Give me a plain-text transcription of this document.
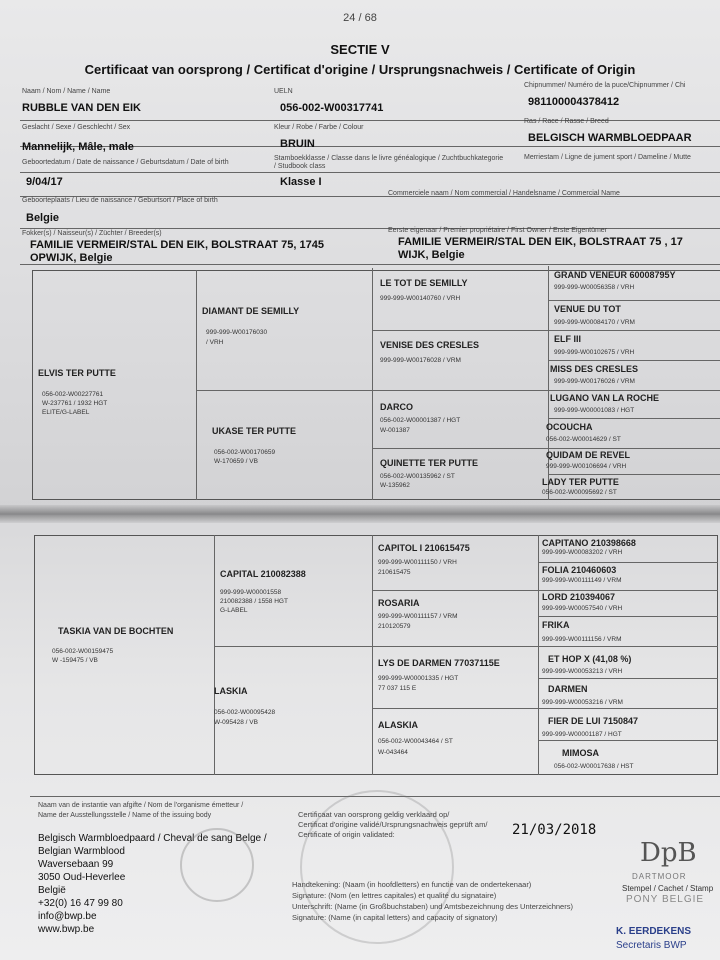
24 / 68
SECTIE V
Certificaat van oorsprong / Certificat d'origine / Ursprungsnachweis / Certificate of Origin
Naam / Nom / Name / Name
RUBBLE VAN DEN EIK
UELN
056-002-W00317741
Chipnummer/ Numéro de la puce/Chipnummer / Chi
981100004378412
Geslacht / Sexe / Geschlecht / Sex
Mannelijk, Mâle, male
Kleur / Robe / Farbe / Colour
BRUIN
Ras / Race / Rasse / Breed
BELGISCH WARMBLOEDPAAR
Geboortedatum / Date de naissance / Geburtsdatum / Date of birth
9/04/17
Stamboekklasse / Classe dans le livre généalogique / Zuchtbuchkategorie / Studbook class
Klasse I
Merriestam / Ligne de jument sport / Dameline / Mutte
Geboorteplaats / Lieu de naissance / Geburtsort / Place of birth
Belgie
Commerciele naam / Nom commercial / Handelsname / Commercial Name
Fokker(s) / Naisseur(s) / Züchter / Breeder(s)
FAMILIE VERMEIR/STAL DEN EIK, BOLSTRAAT 75, 1745
OPWIJK, Belgie
Eerste eigenaar / Premier propriétaire / First Owner / Erste Eigentümer
FAMILIE VERMEIR/STAL DEN EIK, BOLSTRAAT 75 , 17
WIJK, Belgie
ELVIS TER PUTTE
056-002-W00227761
W-237761 / 1932 HGT
ELITE/G-LABEL
DIAMANT DE SEMILLY
999-999-W00176030
/ VRH
UKASE TER PUTTE
056-002-W00170659
W-170659 / VB
LE TOT DE SEMILLY
999-999-W00140760 / VRH
VENISE DES CRESLES
999-999-W00176028 / VRM
DARCO
056-002-W00001387 / HGT
W-001387
QUINETTE TER PUTTE
056-002-W00135962 / ST
W-135962
GRAND VENEUR 60008795Y
999-999-W00056358 / VRH
VENUE DU TOT
999-999-W00084170 / VRM
ELF III
999-999-W00102675 / VRH
MISS DES CRESLES
999-999-W00176026 / VRM
LUGANO VAN LA ROCHE
999-999-W00001083 / HGT
OCOUCHA
056-002-W00014629 / ST
QUIDAM DE REVEL
999-999-W00106694 / VRH
LADY TER PUTTE
056-002-W00095692 / ST
TASKIA VAN DE BOCHTEN
056-002-W00159475
W -159475 / VB
CAPITAL 210082388
999-999-W00001558
210082388 / 1558 HGT
G-LABEL
LASKIA
056-002-W00095428
W-095428 / VB
CAPITOL I 210615475
999-999-W00111150 / VRH
210615475
ROSARIA
999-999-W00111157 / VRM
210120579
LYS DE DARMEN 77037115E
999-999-W00001335 / HGT
77 037 115 E
ALASKIA
056-002-W00043464 / ST
W-043464
CAPITANO 210398668
999-999-W00083202 / VRH
FOLIA 210460603
999-999-W00111149 / VRM
LORD 210394067
999-999-W00057540 / VRH
FRIKA
999-999-W00111156 / VRM
ET HOP X (41,08 %)
999-999-W00053213 / VRH
DARMEN
999-999-W00053216 / VRM
FIER DE LUI 7150847
999-999-W00001187 / HGT
MIMOSA
056-002-W00017638 / HST
Naam van de instantie van afgifte / Nom de l'organisme émetteur /
Name der Ausstellungsstelle / Name of the issuing body
Belgisch Warmbloedpaard / Cheval de sang Belge /
Belgian Warmblood
Waversebaan 99
3050 Oud-Heverlee
België
+32(0) 16 47 99 80
info@bwp.be
www.bwp.be
Certificaat van oorsprong geldig verklaard op/
Certificat d'origine validé/Ursprungsnachweis geprüft am/
Certificate of origin validated:	21/03/2018
Handtekening: (Naam (in hoofdletters) en functie van de ondertekenaar)
Signature: (Nom (en lettres capitales) et qualité du signataire)
Unterschrift: (Name (in Großbuchstaben) und Amtsbezeichnung des Unterzeichners)
Signature: (Name (in capital letters) and capacity of signatory)
DpB
DARTMOOR
Stempel / Cachet / Stamp
PONY BELGIE
K. EERDEKENS
Secretaris BWP
